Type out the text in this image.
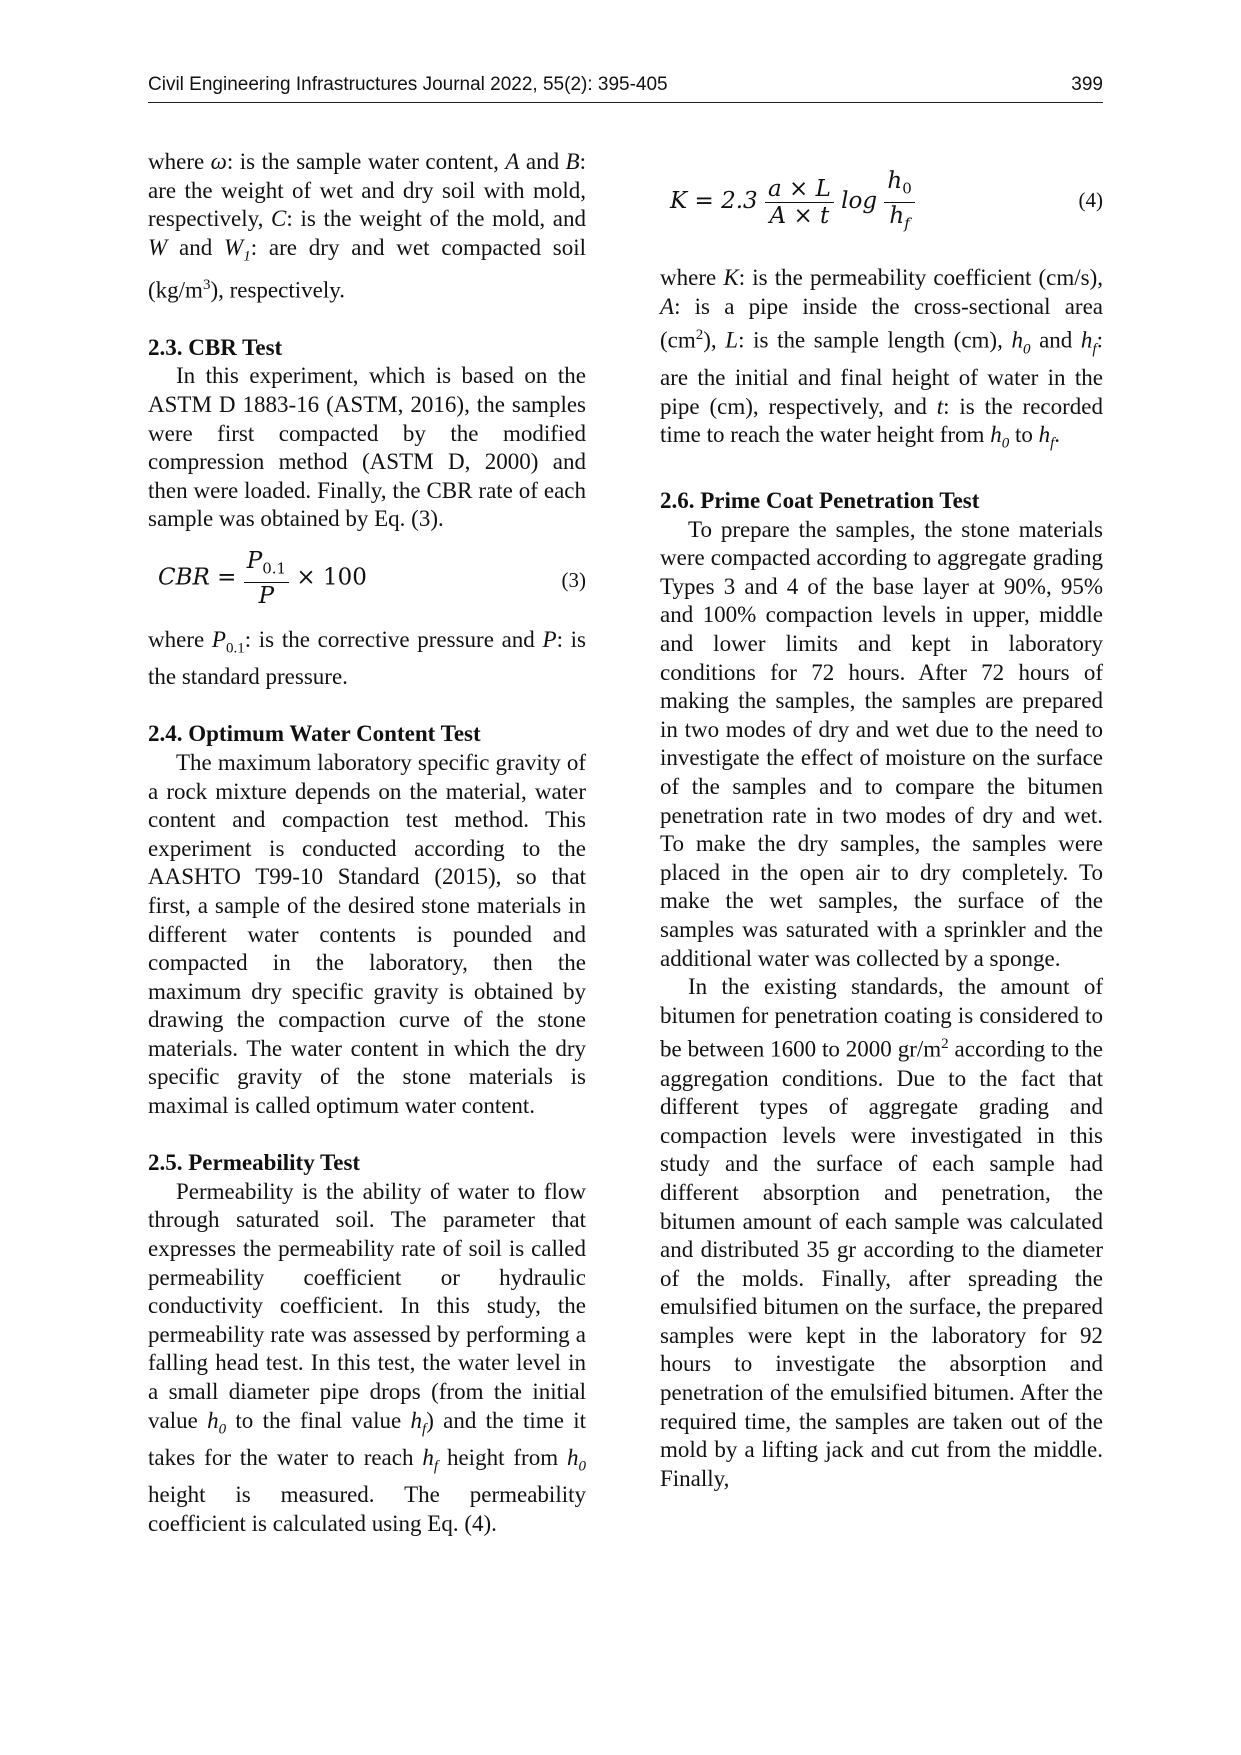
Civil Engineering Infrastructures Journal 2022, 55(2): 395-405	399

where ω: is the sample water content, A and B: are the weight of wet and dry soil with mold, respectively, C: is the weight of the mold, and W and $W_1$: are dry and wet compacted soil $(kg/m^3)$, respectively.

2.3. CBR Test

In this experiment, which is based on the ASTM D 1883-16 (ASTM, 2016), the samples were first compacted by the modified compression method (ASTM D, 2000) and then were loaded. Finally, the CBR rate of each sample was obtained by Eq. (3).

CBR = $\frac{P_{0.1}}{P} \times 100$	(3)

where $P_{0.1}$: is the corrective pressure and P: is the standard pressure.

2.4. Optimum Water Content Test

The maximum laboratory specific gravity of a rock mixture depends on the material, water content and compaction test method. This experiment is conducted according to the AASHTO T99-10 Standard (2015), so that first, a sample of the desired stone materials in different water contents is pounded and compacted in the laboratory, then the maximum dry specific gravity is obtained by drawing the compaction curve of the stone materials. The water content in which the dry specific gravity of the stone materials is maximal is called optimum water content.

2.5. Permeability Test

Permeability is the ability of water to flow through saturated soil. The parameter that expresses the permeability rate of soil is called permeability coefficient or hydraulic conductivity coefficient. In this study, the permeability rate was assessed by performing a falling head test. In this test, the water level in a small diameter pipe drops (from the initial value $h_0$ to the final value $h_f$) and the time it takes for the water to reach $h_f$ height from $h_0$ height is measured. The permeability coefficient is calculated using Eq. (4).

$K = 2.3 \frac{a \times L}{A \times t}$ $\log \frac{h_0}{h_f}$	(4)

where K: is the permeability coefficient (cm/s), A: is a pipe inside the cross-sectional area $(cm^2)$, L: is the sample length (cm), $h_0$ and $h_f$: are the initial and final height of water in the pipe (cm), respectively, and t: is the recorded time to reach the water height from $h_0$ to $h_f$.

2.6. Prime Coat Penetration Test

To prepare the samples, the stone materials were compacted according to aggregate grading Types 3 and 4 of the base layer at 90%, 95% and 100% compaction levels in upper, middle and lower limits and kept in laboratory conditions for 72 hours. After 72 hours of making the samples, the samples are prepared in two modes of dry and wet due to the need to investigate the effect of moisture on the surface of the samples and to compare the bitumen penetration rate in two modes of dry and wet. To make the dry samples, the samples were placed in the open air to dry completely. To make the wet samples, the surface of the samples was saturated with a sprinkler and the additional water was collected by a sponge.

In the existing standards, the amount of bitumen for penetration coating is considered to be between 1600 to 2000 $gr/m^2$ according to the aggregation conditions. Due to the fact that different types of aggregate grading and compaction levels were investigated in this study and the surface of each sample had different absorption and penetration, the bitumen amount of each sample was calculated and distributed 35 gr according to the diameter of the molds. Finally, after spreading the emulsified bitumen on the surface, the prepared samples were kept in the laboratory for 92 hours to investigate the absorption and penetration of the emulsified bitumen. After the required time, the samples are taken out of the mold by a lifting jack and cut from the middle. Finally,
